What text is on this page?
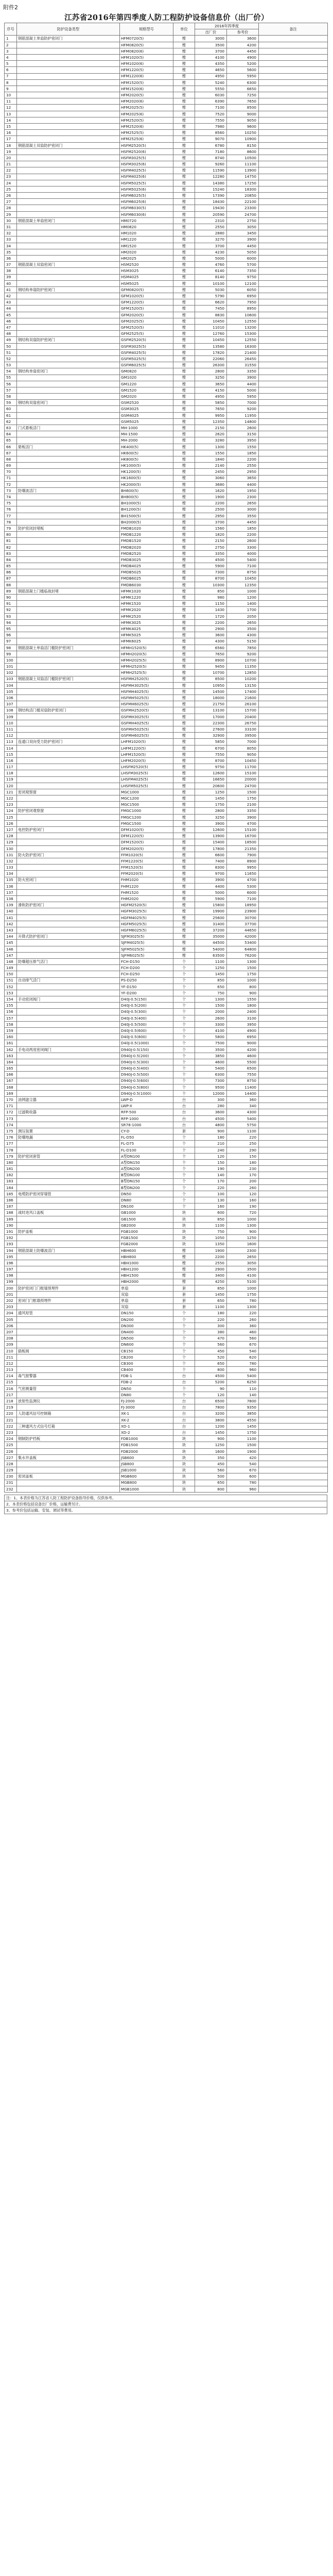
附件2
江苏省2016年第四季度人防工程防护设备信息价（出厂价）
序号	防护设备类型	规格型号	单位	2016年四季度		备注
				出厂价	参考价	
1	钢筋混凝土单扇防护密闭门	HFM0720(5)	樘	3000	3600	
2		HFM0820(5)	樘	3500	4200	
3		HFM0820(6)	樘	3700	4450	
4		HFM1020(5)	樘	4100	4900	
5		HFM1020(6)	樘	4350	5200	
6		HFM1220(5)	樘	4650	5600	
7		HFM1220(6)	樘	4950	5950	
8		HFM1520(5)	樘	5240	6300	
9		HFM1520(6)	樘	5550	6650	
10		HFM2020(5)	樘	6030	7250	
11		HFM2020(6)	樘	6390	7650	
12		HFM2025(5)	樘	7100	8500	
13		HFM2025(6)	樘	7520	9000	
14		HFM2520(5)	樘	7550	9050	
15		HFM2520(6)	樘	7980	9600	
16		HFM2525(5)	樘	8560	10250	
17		HFM2525(6)	樘	9070	10900	
18	钢筋混凝土双扇防护密闭门	HSFM2520(5)	樘	6780	8150	
19		HSFM2520(6)	樘	7180	8600	
20		HSFM3025(5)	樘	8740	10500	
21		HSFM3025(6)	樘	9260	11100	
22		HSFM4025(5)	樘	11590	13900	
23		HSFM4025(6)	樘	12280	14750	
24		HSFM5025(5)	樘	14380	17250	
25		HSFM5025(6)	樘	15240	18300	
26		HSFM6025(5)	樘	17390	20850	
27		HSFM6025(6)	樘	18430	22100	
28		HSFM6030(5)	樘	19430	23300	
29		HSFM6030(6)	樘	20590	24700	
30	钢筋混凝土单扇密闭门	HM0720	樘	2310	2750	
31		HM0820	樘	2550	3050	
32		HM1020	樘	2880	3450	
33		HM1220	樘	3270	3900	
34		HM1520	樘	3700	4450	
35		HM2020	樘	4230	5050	
36		HM2025	樘	5000	6000	
37	钢筋混凝土双扇密闭门	HSM2520	樘	4760	5700	
38		HSM3025	樘	6140	7350	
39		HSM4025	樘	8140	9750	
40		HSM5025	樘	10100	12100	
41	钢结构单扇防护密闭门	GFM0820(5)	樘	5030	6050	
42		GFM1020(5)	樘	5790	6950	
43		GFM1220(5)	樘	6620	7950	
44		GFM1520(5)	樘	7450	8950	
45		GFM2020(5)	樘	8830	10600	
46		GFM2025(5)	樘	10450	12550	
47		GFM2520(5)	樘	11010	13200	
48		GFM2525(5)	樘	12760	15300	
49	钢结构双扇防护密闭门	GSFM2520(5)	樘	10450	12550	
50		GSFM3025(5)	樘	13580	16300	
51		GSFM4025(5)	樘	17820	21400	
52		GSFM5025(5)	樘	22060	26450	
53		GSFM6025(5)	樘	26300	31550	
54	钢结构单扇密闭门	GM0820	樘	2800	3350	
55		GM1020	樘	3250	3900	
56		GM1220	樘	3650	4400	
57		GM1520	樘	4150	5000	
58		GM2020	樘	4950	5950	
59	钢结构双扇密闭门	GSM2520	樘	5850	7000	
60		GSM3025	樘	7650	9200	
61		GSM4025	樘	9950	11950	
62		GSM5025	樘	12350	14800	
63	门式悬板活门	MH-1000	樘	2150	2600	
64		MH-1500	樘	2620	3150	
65		MH-2000	樘	3280	3950	
66	悬板活门	HK400(5)	樘	1300	1550	
67		HK600(5)	樘	1550	1850	
68		HK800(5)	樘	1840	2200	
69		HK1000(5)	樘	2140	2550	
70		HK1200(5)	樘	2450	2950	
71		HK1600(5)	樘	3060	3650	
72		HK2000(5)	樘	3680	4400	
73	防爆波活门	BH600(5)	樘	1620	1950	
74		BH800(5)	樘	1900	2300	
75		BH1000(5)	樘	2200	2650	
76		BH1200(5)	樘	2500	3000	
77		BH1500(5)	樘	2950	3550	
78		BH2000(5)	樘	3700	4450	
79	防护密闭封堵板	FMDB1020	樘	1560	1850	
80		FMDB1220	樘	1820	2200	
81		FMDB1520	樘	2150	2600	
82		FMDB2020	樘	2750	3300	
83		FMDB2520	樘	3350	4000	
84		FMDB3025	樘	4500	5400	
85		FMDB4025	樘	5900	7100	
86		FMDB5025	樘	7300	8750	
87		FMDB6025	樘	8700	10450	
88		FMDB6030	樘	10300	12350	
89	钢筋混凝土门槛临战封堵	HFMK1020	樘	850	1000	
90		HFMK1220	樘	980	1200	
91		HFMK1520	樘	1150	1400	
92		HFMK2020	樘	1430	1700	
93		HFMK2520	樘	1720	2050	
94		HFMK3025	樘	2200	2650	
95		HFMK4025	樘	2900	3500	
96		HFMK5025	樘	3600	4300	
97		HFMK6025	樘	4300	5150	
98	钢筋混凝土单扇活门槛防护密闭门	HFMH1520(5)	樘	6560	7850	
99		HFMH2020(5)	樘	7650	9200	
100		HFMH2025(5)	樘	8900	10700	
101		HFMH2520(5)	樘	9450	11350	
102		HFMH2525(5)	樘	10700	12850	
103	钢筋混凝土双扇活门槛防护密闭门	HSFMH2520(5)	樘	8500	10200	
104		HSFMH3025(5)	樘	10950	13150	
105		HSFMH4025(5)	樘	14500	17400	
106		HSFMH5025(5)	樘	18000	21600	
107		HSFMH6025(5)	樘	21750	26100	
108	钢结构活门槛双扇防护密闭门	GSFMH2520(5)	樘	13100	15700	
109		GSFMH3025(5)	樘	17000	20400	
110		GSFMH4025(5)	樘	22300	26750	
111		GSFMH5025(5)	樘	27600	33100	
112		GSFMH6025(5)	樘	32900	39500	
113	连通口双向受力防护密闭门	LHFM1020(5)	樘	5850	7000	
114		LHFM1220(5)	樘	6700	8050	
115		LHFM1520(5)	樘	7550	9050	
116		LHFM2020(5)	樘	8700	10450	
117		LHSFM2520(5)	樘	9750	11700	
118		LHSFM3025(5)	樘	12600	15100	
119		LHSFM4025(5)	樘	16650	20000	
120		LHSFM5025(5)	樘	20600	24700	
121	密闭观察窗	MGC1000	樘	1250	1500	
122		MGC1200	樘	1450	1750	
123		MGC1500	樘	1750	2100	
124	防护密闭观察窗	FMGC1000	樘	2800	3350	
125		FMGC1200	樘	3250	3900	
126		FMGC1500	樘	3900	4700	
127	电控防护密闭门	DFM1020(5)	樘	12600	15100	
128		DFM1220(5)	樘	13900	16700	
129		DFM1520(5)	樘	15400	18500	
130		DFM2020(5)	樘	17800	21350	
131	防火防护密闭门	FFM1020(5)	樘	6600	7900	
132		FFM1220(5)	樘	7400	8900	
133		FFM1520(5)	樘	8300	9950	
134		FFM2020(5)	樘	9700	11650	
135	防火密闭门	FHM1020	樘	3900	4700	
136		FHM1220	樘	4400	5300	
137		FHM1520	樘	5000	6000	
138		FHM2020	樘	5900	7100	
139	滑轨防护密闭门	HGFM2520(5)	樘	15800	18950	
140		HGFM3025(5)	樘	19900	23900	
141		HGFM4025(5)	樘	25600	30700	
142		HGFM5025(5)	樘	31400	37700	
143		HGFM6025(5)	樘	37200	44650	
144	升降式防护密闭门	SJFM3025(5)	樘	35000	42000	
145		SJFM4025(5)	樘	44500	53400	
146		SJFM5025(5)	樘	54000	64800	
147		SJFM6025(5)	樘	63500	76200	
148	防爆超压排气活门	FCH-D150	个	1100	1300	
149		FCH-D200	个	1250	1500	
150		FCH-D250	个	1450	1750	
151	自动排气活门	PS-D250	个	850	1000	
152		YF-D150	个	650	800	
153		YF-D200	个	750	900	
154	手动密闭阀门	D40J-0.5(150)	个	1300	1550	
155		D40J-0.5(200)	个	1500	1800	
156		D40J-0.5(300)	个	2000	2400	
157		D40J-0.5(400)	个	2600	3100	
158		D40J-0.5(500)	个	3300	3950	
159		D40J-0.5(600)	个	4100	4900	
160		D40J-0.5(800)	个	5800	6950	
161		D40J-0.5(1000)	个	7500	9000	
162	手电动两用密闭阀门	D940J-0.5(150)	个	3500	4200	
163		D940J-0.5(200)	个	3850	4600	
164		D940J-0.5(300)	个	4600	5500	
165		D940J-0.5(400)	个	5400	6500	
166		D940J-0.5(500)	个	6300	7550	
167		D940J-0.5(600)	个	7300	8750	
168		D940J-0.5(800)	个	9500	11400	
169		D940J-0.5(1000)	个	12000	14400	
170	油网滤尘器	LWP-D	台	300	360	
171		LWP-X	台	280	340	
172	过滤吸收器	RFP-500	台	3600	4300	
173		RFP-1000	台	4500	5400	
174		SR78-1000	台	4800	5750	
175	测压装置	CY-D	套	900	1100	
176	防爆地漏	FL-D50	个	180	220	
177		FL-D75	个	210	250	
178		FL-D100	个	240	290	
179	防护密闭套管	A型DN100	个	120	150	
180		A型DN150	个	150	180	
181		A型DN200	个	190	230	
182		B型DN100	个	140	170	
183		B型DN150	个	170	200	
184		B型DN200	个	220	260	
185	电缆防护密闭穿墙管	DN50	个	100	120	
186		DN80	个	130	160	
187		DN100	个	160	190	
188	战时进风口盖板	GB1000	块	600	720	
189		GB1500	块	850	1000	
190		GB2000	块	1100	1300	
191	防护盖板	FGB1000	块	750	900	
192		FGB1500	块	1050	1250	
193		FGB2000	块	1350	1600	
194	钢筋混凝土防爆波活门	HBH600	樘	1900	2300	
195		HBH800	樘	2200	2650	
196		HBH1000	樘	2550	3050	
197		HBH1200	樘	2900	3500	
198		HBH1500	樘	3400	4100	
199		HBH2000	樘	4250	5100	
200	防护密闭门门框墙预埋件	单扇	套	850	1000	
201		双扇	套	1450	1750	
202	密闭门门框墙预埋件	单扇	套	650	780	
203		双扇	套	1100	1300	
204	通风短管	DN150	个	180	220	
205		DN200	个	220	260	
206		DN300	个	300	360	
207		DN400	个	380	460	
208		DN500	个	470	560	
209		DN600	个	560	670	
210	插板阀	CB150	个	450	540	
211		CB200	个	520	620	
212		CB300	个	650	780	
213		CB400	个	800	960	
214	毒气报警器	FDB-1	台	4500	5400	
215		FDB-2	台	5200	6250	
216	气密测量管	DN50	个	90	110	
217		DN80	个	120	140	
218	放射性监测仪	FJ-2000	台	6500	7800	
219		FJ-3000	台	7800	9350	
220	人防通风信号控制箱	XK-1	台	3200	3850	
221		XK-2	台	3800	4550	
222	三种通风方式信号灯箱	XD-1	台	1200	1450	
223		XD-2	台	1450	1750	
224	钢制防护挡板	FDB1000	块	900	1100	
225		FDB1500	块	1250	1500	
226		FDB2000	块	1600	1900	
227	集水井盖板	JSB600	块	350	420	
228		JSB800	块	450	540	
229		JSB1000	块	560	670	
230	密闭盖板	MGB600	块	500	600	
231		MGB800	块	650	780	
232		MGB1000	块	800	960	
注：1、本表价格为江苏省人防工程防护设备指导价格，仅供参考。
2、本表价格包括设备出厂价格，运输费另计。
3、参考价包括运输、安装、调试等费用。
